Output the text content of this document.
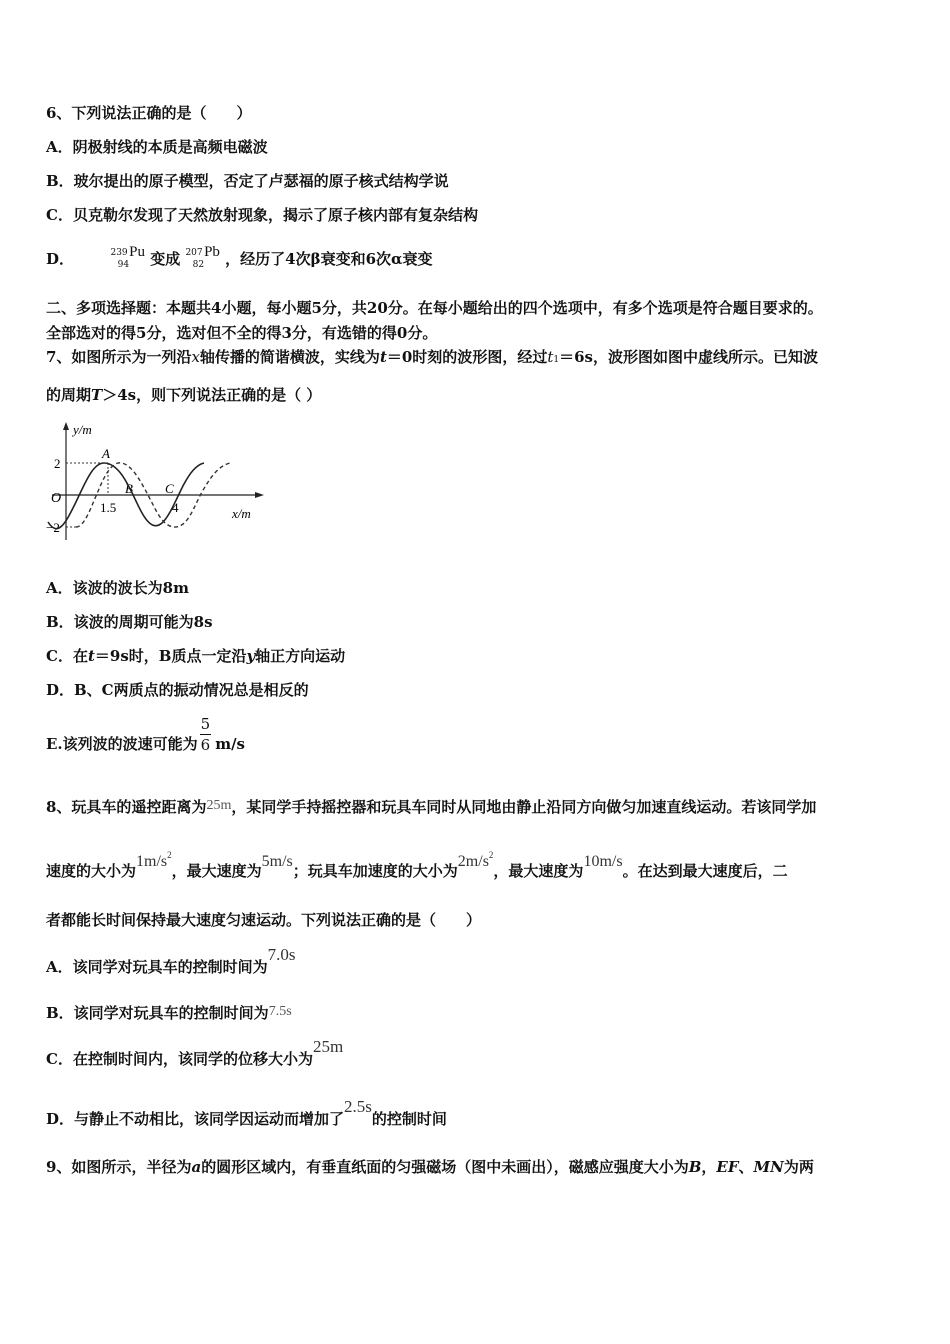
6、下列说法正确的是（　　）
A．阴极射线的本质是高频电磁波
B．玻尔提出的原子模型，否定了卢瑟福的原子核式结构学说
C．贝克勒尔发现了天然放射现象，揭示了原子核内部有复杂结构
D．	$^{239}_{94}$Pu 变成 $^{207}_{82}$Pb ，经历了4次β衰变和6次α衰变
二、多项选择题：本题共4小题，每小题5分，共20分。在每小题给出的四个选项中，有多个选项是符合题目要求的。
全部选对的得5分，选对但不全的得3分，有选错的得0分。
7、如图所示为一列沿x轴传播的简谐横波，实线为t＝0时刻的波形图，经过t1＝6s，波形图如图中虚线所示。已知波
的周期T＞4s，则下列说法正确的是（ ）
y/m
x/m
O
2
−2
1.5	4
A
B C
A．该波的波长为8m
B．该波的周期可能为8s
C．在t＝9s时，B质点一定沿y轴正方向运动
D．B、C两质点的振动情况总是相反的
E.该列波的波速可能为 $\frac{5}{6} m/s$
8、玩具车的遥控距离为25m，某同学手持摇控器和玩具车同时从同地由静止沿同方向做匀加速直线运动。若该同学加
速度的大小为$1m/s^2$，最大速度为5m/s；玩具车加速度的大小为$2m/s^2$，最大速度为10m/s。在达到最大速度后，二
者都能长时间保持最大速度匀速运动。下列说法正确的是（　　）
A．该同学对玩具车的控制时间为7.0s
B．该同学对玩具车的控制时间为7.5s
C．在控制时间内，该同学的位移大小为25m
D．与静止不动相比，该同学因运动而增加了2.5s的控制时间
9、如图所示，半径为a的圆形区域内，有垂直纸面的匀强磁场（图中未画出），磁感应强度大小为B，EF、MN为两
